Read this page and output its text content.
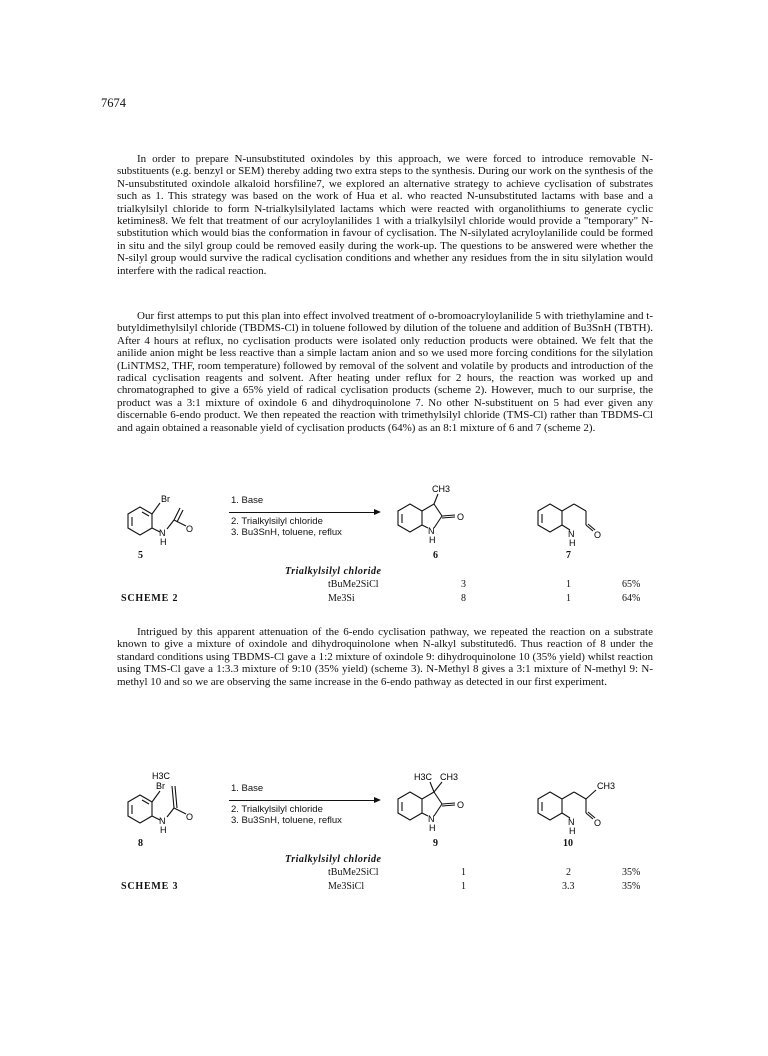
7674

In order to prepare N-unsubstituted oxindoles by this approach, we were forced to introduce removable N-substituents (e.g. benzyl or SEM) thereby adding two extra steps to the synthesis. During our work on the synthesis of the N-unsubstituted oxindole alkaloid horsfiline7, we explored an alternative strategy to achieve cyclisation of substrates such as 1. This strategy was based on the work of Hua et al. who reacted N-unsubstituted lactams with base and a trialkylsilyl chloride to form N-trialkylsilylated lactams which were reacted with organolithiums to generate cyclic ketimines8. We felt that treatment of our acryloylanilides 1 with a trialkylsilyl chloride would provide a "temporary" N-substitution which would bias the conformation in favour of cyclisation. The N-silylated acryloylanilide could be formed in situ and the silyl group could be removed easily during the work-up. The questions to be answered were whether the N-silyl group would survive the radical cyclisation conditions and whether any residues from the in situ silylation would interfere with the radical reaction.

Our first attemps to put this plan into effect involved treatment of o-bromoacryloylanilide 5 with triethylamine and t-butyldimethylsilyl chloride (TBDMS-Cl) in toluene followed by dilution of the toluene and addition of Bu3SnH (TBTH). After 4 hours at reflux, no cyclisation products were isolated only reduction products were obtained. We felt that the anilide anion might be less reactive than a simple lactam anion and so we used more forcing conditions for the silylation (LiNTMS2, THF, room temperature) followed by removal of the solvent and volatile by products and introduction of the radical cyclisation reagents and solvent. After heating under reflux for 2 hours, the reaction was worked up and chromatographed to give a 65% yield of radical cyclisation products (scheme 2). However, much to our surprise, the product was a 3:1 mixture of oxindole 6 and dihydroquinolone 7. No other N-substituent on 5 had ever given any discernable 6-endo product. We then repeated the reaction with trimethylsilyl chloride (TMS-Cl) rather than TBDMS-Cl and again obtained a reasonable yield of cyclisation products (64%) as an 8:1 mixture of 6 and 7 (scheme 2).

Br
N
H
O
CH3
O
N
H
N
H
O
1. Base
2. Trialkylsilyl chloride
3. Bu3SnH, toluene, reflux
5	6	7
Trialkylsilyl chloride
tBuMe2SiCl	3	1	65%
SCHEME 2	Me3Si	8	1	64%

Intrigued by this apparent attenuation of the 6-endo cyclisation pathway, we repeated the reaction on a substrate known to give a mixture of oxindole and dihydroquinolone when N-alkyl substituted6. Thus reaction of 8 under the standard conditions using TBDMS-Cl gave a 1:2 mixture of oxindole 9: dihydroquinolone 10 (35% yield) whilst reaction using TMS-Cl gave a 1:3.3 mixture of 9:10 (35% yield) (scheme 3). N-Methyl 8 gives a 3:1 mixture of N-methyl 9: N-methyl 10 and so we are observing the same increase in the 6-endo pathway as detected in our first experiment.

H3C
Br
N
H
O
H3C CH3
O
N
H
CH3
N
H
O
1. Base
2. Trialkylsilyl chloride
3. Bu3SnH, toluene, reflux
8	9	10
Trialkylsilyl chloride
tBuMe2SiCl	1	2	35%
SCHEME 3	Me3SiCl	1	3.3	35%
